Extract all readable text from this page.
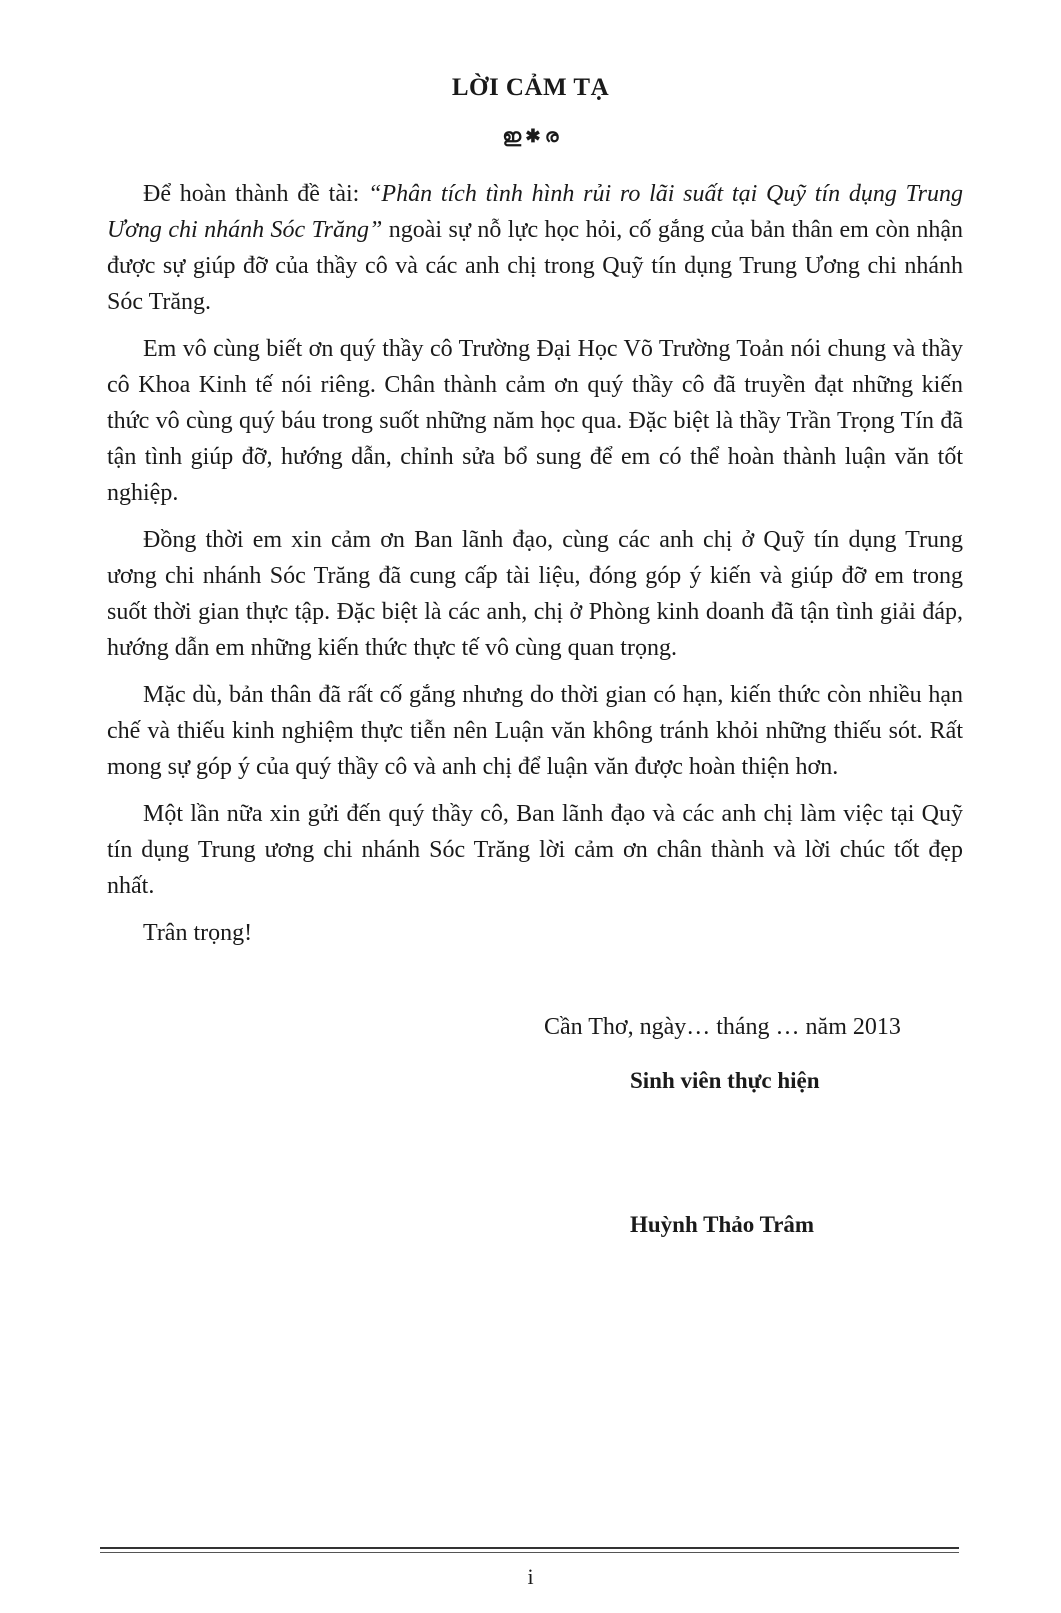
LỜI CẢM TẠ
ഇ ✱ ര

Để hoàn thành đề tài: “Phân tích tình hình rủi ro lãi suất tại Quỹ tín dụng Trung Ương chi nhánh Sóc Trăng” ngoài sự nỗ lực học hỏi, cố gắng của bản thân em còn nhận được sự giúp đỡ của thầy cô và các anh chị trong Quỹ tín dụng Trung Ương chi nhánh Sóc Trăng.

Em vô cùng biết ơn quý thầy cô Trường Đại Học Võ Trường Toản nói chung và thầy cô Khoa Kinh tế nói riêng. Chân thành cảm ơn quý thầy cô đã truyền đạt những kiến thức vô cùng quý báu trong suốt những năm học qua. Đặc biệt là thầy Trần Trọng Tín đã tận tình giúp đỡ, hướng dẫn, chỉnh sửa bổ sung để em có thể hoàn thành luận văn tốt nghiệp.

Đồng thời em xin cảm ơn Ban lãnh đạo, cùng các anh chị ở Quỹ tín dụng Trung ương chi nhánh Sóc Trăng đã cung cấp tài liệu, đóng góp ý kiến và giúp đỡ em trong suốt thời gian thực tập. Đặc biệt là các anh, chị ở Phòng kinh doanh đã tận tình giải đáp, hướng dẫn em những kiến thức thực tế vô cùng quan trọng.

Mặc dù, bản thân đã rất cố gắng nhưng do thời gian có hạn, kiến thức còn nhiều hạn chế và thiếu kinh nghiệm thực tiễn nên Luận văn không tránh khỏi những thiếu sót. Rất mong sự góp ý của quý thầy cô và anh chị để luận văn được hoàn thiện hơn.

Một lần nữa xin gửi đến quý thầy cô, Ban lãnh đạo và các anh chị làm việc tại Quỹ tín dụng Trung ương chi nhánh Sóc Trăng lời cảm ơn chân thành và lời chúc tốt đẹp nhất.

Trân trọng!

Cần Thơ, ngày… tháng … năm 2013
Sinh viên thực hiện
Huỳnh Thảo Trâm
i
